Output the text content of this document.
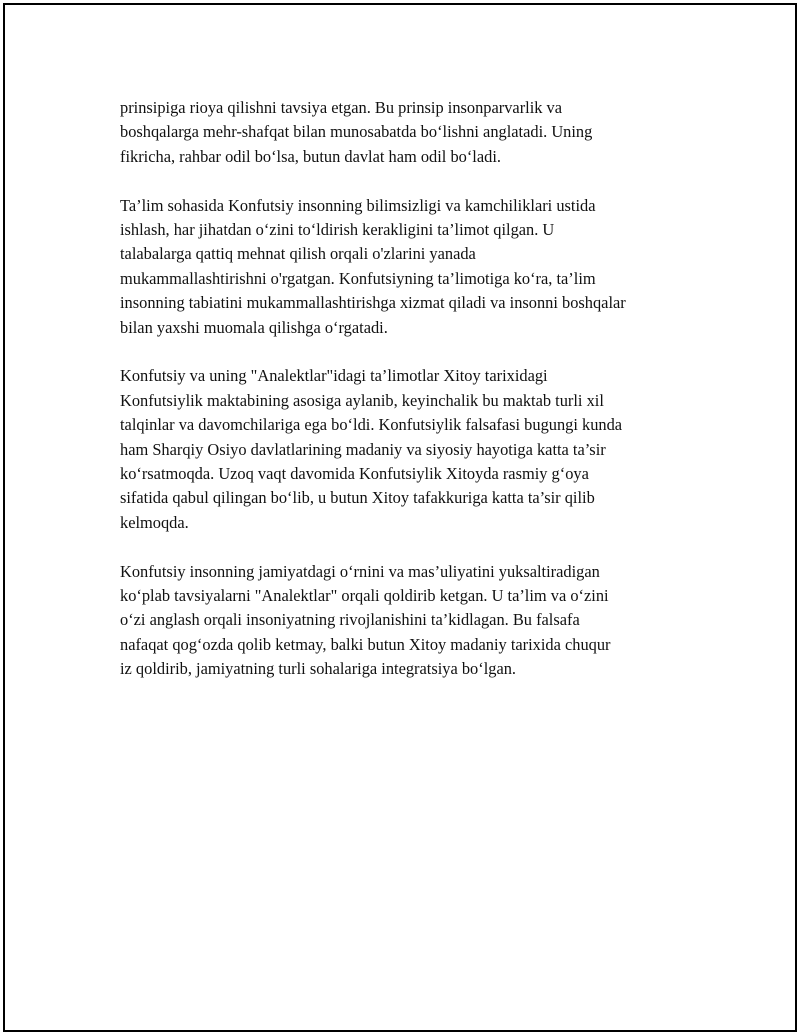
prinsipiga rioya qilishni tavsiya etgan. Bu prinsip insonparvarlik va
boshqalarga mehr-shafqat bilan munosabatda bo‘lishni anglatadi. Uning
fikricha, rahbar odil bo‘lsa, butun davlat ham odil bo‘ladi.

Ta’lim sohasida Konfutsiy insonning bilimsizligi va kamchiliklari ustida
ishlash, har jihatdan o‘zini to‘ldirish kerakligini ta’limot qilgan. U
talabalarga qattiq mehnat qilish orqali o'zlarini yanada
mukammallashtirishni o'rgatgan. Konfutsiyning ta’limotiga ko‘ra, ta’lim
insonning tabiatini mukammallashtirishga xizmat qiladi va insonni boshqalar
bilan yaxshi muomala qilishga o‘rgatadi.

Konfutsiy va uning "Analektlar"idagi ta’limotlar Xitoy tarixidagi
Konfutsiylik maktabining asosiga aylanib, keyinchalik bu maktab turli xil
talqinlar va davomchilariga ega bo‘ldi. Konfutsiylik falsafasi bugungi kunda
ham Sharqiy Osiyo davlatlarining madaniy va siyosiy hayotiga katta ta’sir
ko‘rsatmoqda. Uzoq vaqt davomida Konfutsiylik Xitoyda rasmiy g‘oya
sifatida qabul qilingan bo‘lib, u butun Xitoy tafakkuriga katta ta’sir qilib
kelmoqda.

Konfutsiy insonning jamiyatdagi o‘rnini va mas’uliyatini yuksaltiradigan
ko‘plab tavsiyalarni "Analektlar" orqali qoldirib ketgan. U ta’lim va o‘zini
o‘zi anglash orqali insoniyatning rivojlanishini ta’kidlagan. Bu falsafa
nafaqat qog‘ozda qolib ketmay, balki butun Xitoy madaniy tarixida chuqur
iz qoldirib, jamiyatning turli sohalariga integratsiya bo‘lgan.
